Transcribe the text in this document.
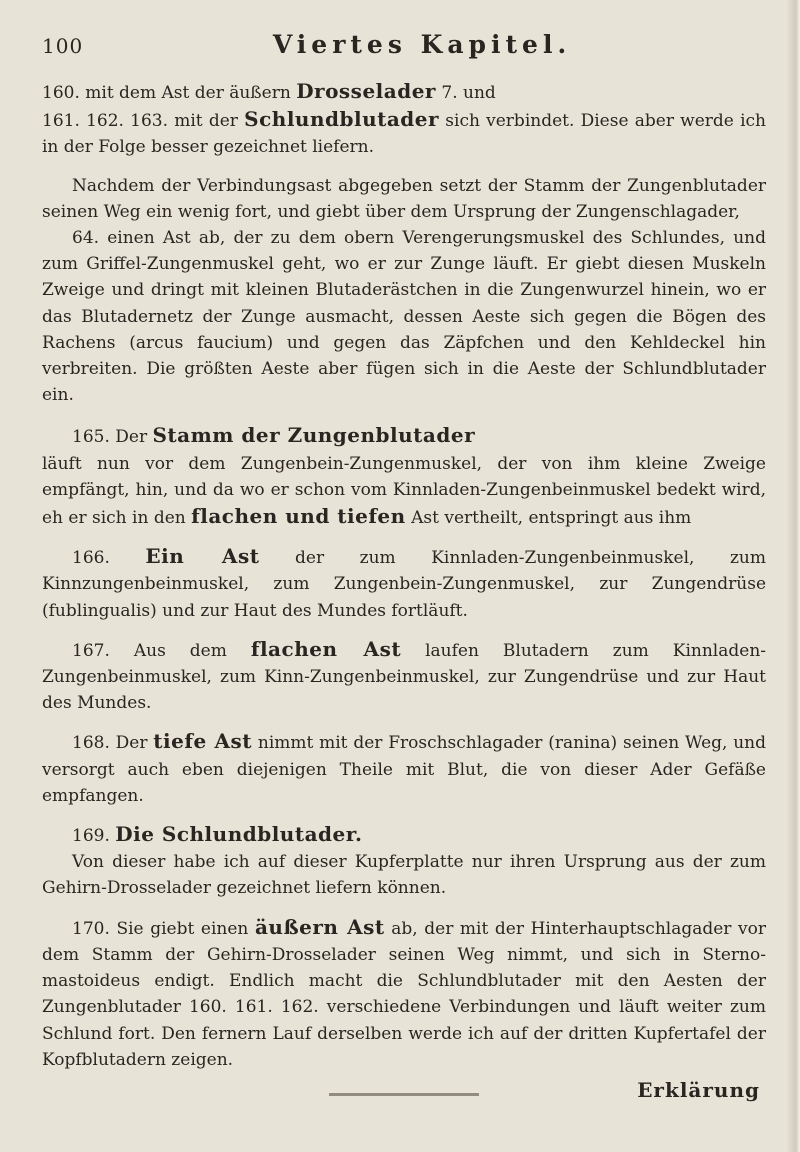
100	Viertes Kapitel.

160. mit dem Ast der äußern Drosselader 7. und

161. 162. 163. mit der Schlundblutader sich verbindet. Diese aber werde ich in der Folge besser gezeichnet liefern.

Nachdem der Verbindungsast abgegeben setzt der Stamm der Zungenblutader seinen Weg ein wenig fort, und giebt über dem Ursprung der Zungenschlagader,

64. einen Ast ab, der zu dem obern Verengerungsmuskel des Schlundes, und zum Griffel-Zungenmuskel geht, wo er zur Zunge läuft. Er giebt diesen Muskeln Zweige und dringt mit kleinen Blutaderästchen in die Zungenwurzel hinein, wo er das Blutadernetz der Zunge ausmacht, dessen Aeste sich gegen die Bögen des Rachens (arcus faucium) und gegen das Zäpfchen und den Kehldeckel hin verbreiten. Die größten Aeste aber fügen sich in die Aeste der Schlundblutader ein.

165. Der Stamm der Zungenblutader

läuft nun vor dem Zungenbein-Zungenmuskel, der von ihm kleine Zweige empfängt, hin, und da wo er schon vom Kinnladen-Zungenbeinmuskel bedekt wird, eh er sich in den flachen und tiefen Ast vertheilt, entspringt aus ihm

166. Ein Ast der zum Kinnladen-Zungenbeinmuskel, zum Kinnzungenbeinmuskel, zum Zungenbein-Zungenmuskel, zur Zungendrüse (fublingualis) und zur Haut des Mundes fortläuft.

167. Aus dem flachen Ast laufen Blutadern zum Kinnladen-Zungenbeinmuskel, zum Kinn-Zungenbeinmuskel, zur Zungendrüse und zur Haut des Mundes.

168. Der tiefe Ast nimmt mit der Froschschlagader (ranina) seinen Weg, und versorgt auch eben diejenigen Theile mit Blut, die von dieser Ader Gefäße empfangen.

169. Die Schlundblutader.

Von dieser habe ich auf dieser Kupferplatte nur ihren Ursprung aus der zum Gehirn-Drosselader gezeichnet liefern können.

170. Sie giebt einen äußern Ast ab, der mit der Hinterhauptschlagader vor dem Stamm der Gehirn-Drosselader seinen Weg nimmt, und sich in Sterno-mastoideus endigt. Endlich macht die Schlundblutader mit den Aesten der Zungenblutader 160. 161. 162. verschiedene Verbindungen und läuft weiter zum Schlund fort. Den fernern Lauf derselben werde ich auf der dritten Kupfertafel der Kopfblutadern zeigen.

Erklärung
